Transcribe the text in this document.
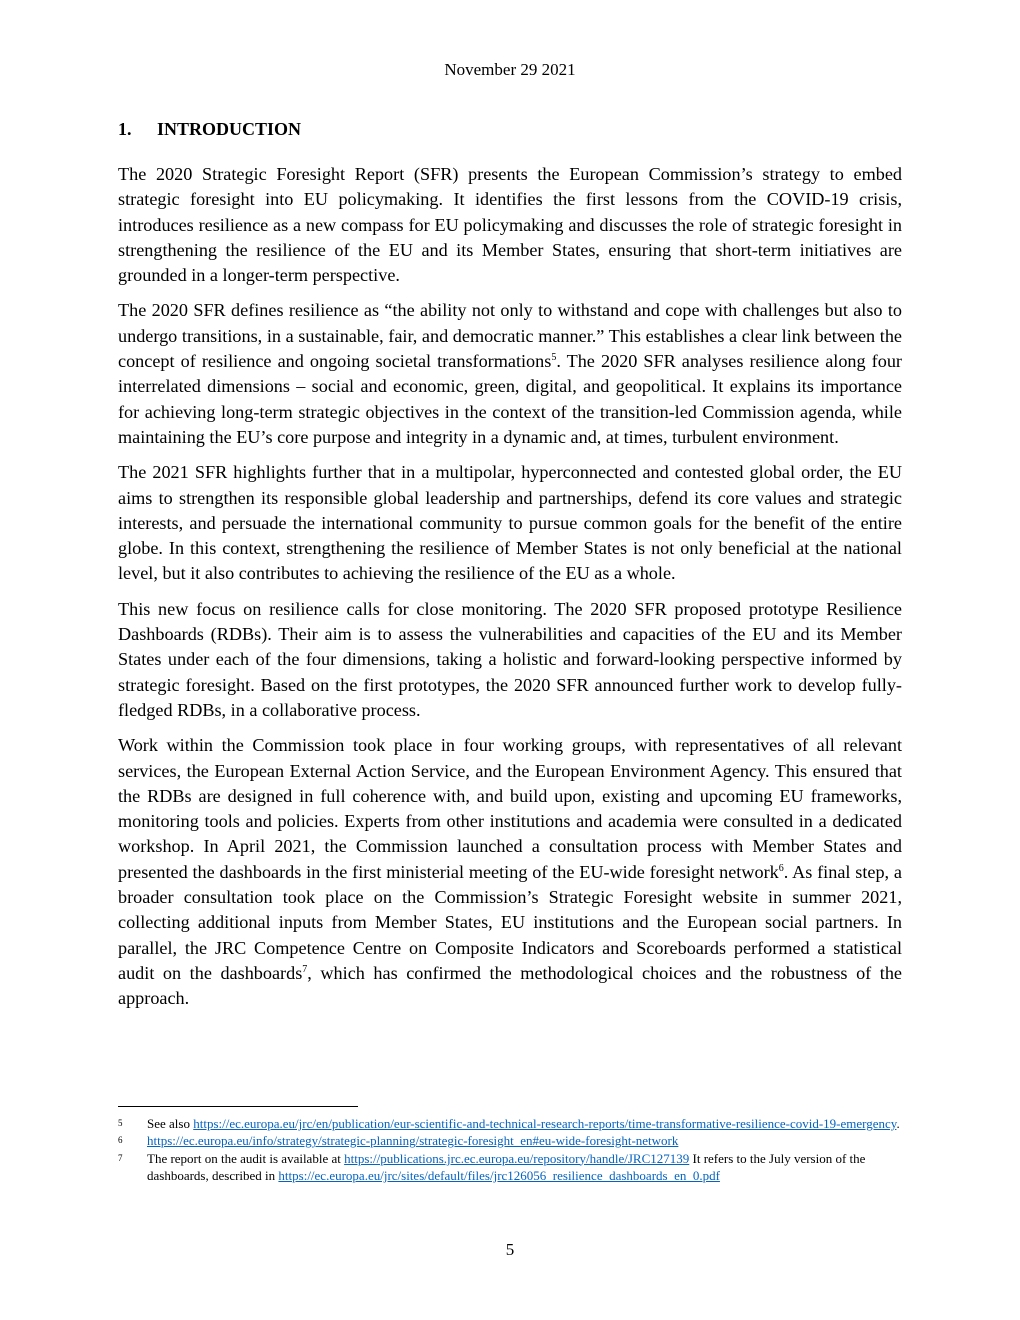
November 29 2021
1. INTRODUCTION

The 2020 Strategic Foresight Report (SFR) presents the European Commission’s strategy to embed strategic foresight into EU policymaking. It identifies the first lessons from the COVID-19 crisis, introduces resilience as a new compass for EU policymaking and discusses the role of strategic foresight in strengthening the resilience of the EU and its Member States, ensuring that short-term initiatives are grounded in a longer-term perspective.

The 2020 SFR defines resilience as “the ability not only to withstand and cope with challenges but also to undergo transitions, in a sustainable, fair, and democratic manner.” This establishes a clear link between the concept of resilience and ongoing societal transformations$^5$. The 2020 SFR analyses resilience along four interrelated dimensions – social and economic, green, digital, and geopolitical. It explains its importance for achieving long-term strategic objectives in the context of the transition-led Commission agenda, while maintaining the EU’s core purpose and integrity in a dynamic and, at times, turbulent environment.

The 2021 SFR highlights further that in a multipolar, hyperconnected and contested global order, the EU aims to strengthen its responsible global leadership and partnerships, defend its core values and strategic interests, and persuade the international community to pursue common goals for the benefit of the entire globe. In this context, strengthening the resilience of Member States is not only beneficial at the national level, but it also contributes to achieving the resilience of the EU as a whole.

This new focus on resilience calls for close monitoring. The 2020 SFR proposed prototype Resilience Dashboards (RDBs). Their aim is to assess the vulnerabilities and capacities of the EU and its Member States under each of the four dimensions, taking a holistic and forward-looking perspective informed by strategic foresight. Based on the first prototypes, the 2020 SFR announced further work to develop fully-fledged RDBs, in a collaborative process.

Work within the Commission took place in four working groups, with representatives of all relevant services, the European External Action Service, and the European Environment Agency. This ensured that the RDBs are designed in full coherence with, and build upon, existing and upcoming EU frameworks, monitoring tools and policies. Experts from other institutions and academia were consulted in a dedicated workshop. In April 2021, the Commission launched a consultation process with Member States and presented the dashboards in the first ministerial meeting of the EU-wide foresight network$^6$. As final step, a broader consultation took place on the Commission’s Strategic Foresight website in summer 2021, collecting additional inputs from Member States, EU institutions and the European social partners. In parallel, the JRC Competence Centre on Composite Indicators and Scoreboards performed a statistical audit on the dashboards$^7$, which has confirmed the methodological choices and the robustness of the approach.

5	See also https://ec.europa.eu/jrc/en/publication/eur-scientific-and-technical-research-reports/time-transformative-resilience-covid-19-emergency.
6	https://ec.europa.eu/info/strategy/strategic-planning/strategic-foresight_en#eu-wide-foresight-network
7	The report on the audit is available at https://publications.jrc.ec.europa.eu/repository/handle/JRC127139 It refers to the July version of the dashboards, described in https://ec.europa.eu/jrc/sites/default/files/jrc126056_resilience_dashboards_en_0.pdf
5
